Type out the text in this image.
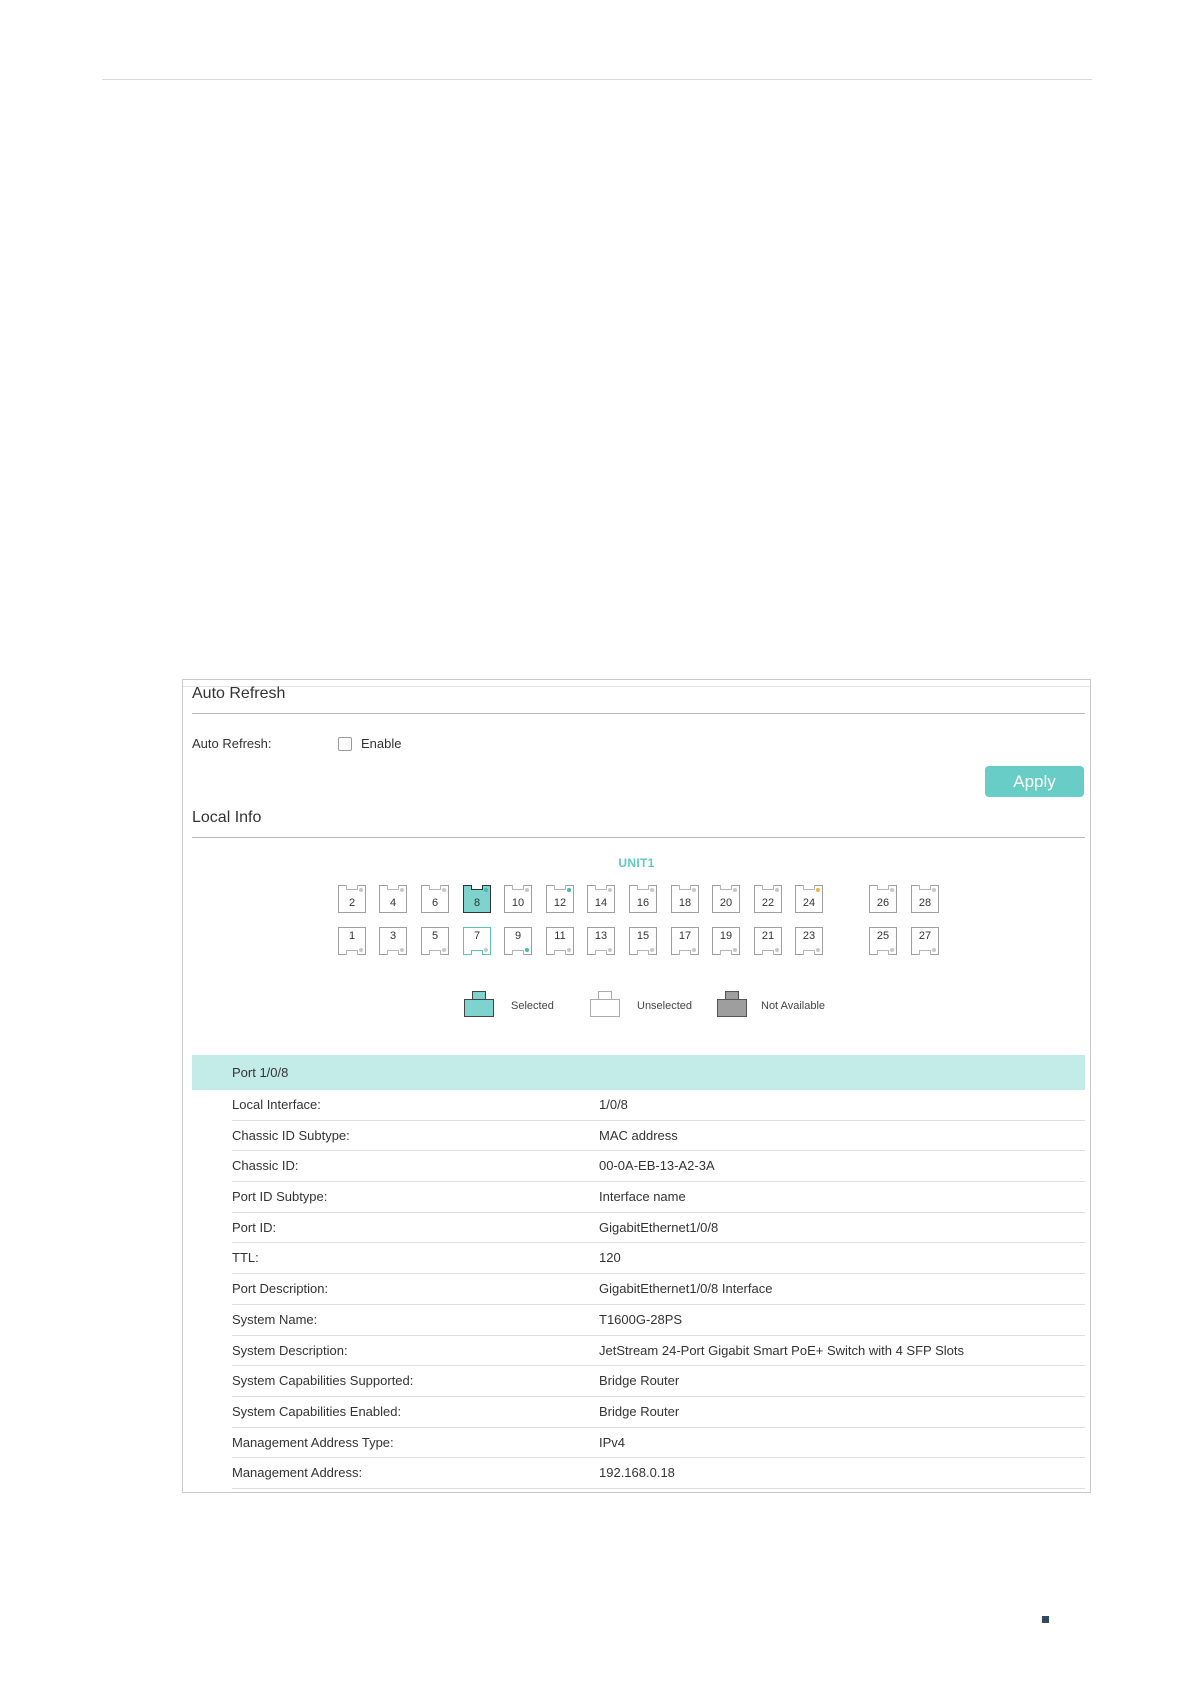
Auto Refresh
Auto Refresh:	Enable
Apply
Local Info
UNIT1
2	4	6	8	10	12	14	16	18	20	22	24	26	28
1	3	5	7	9	11	13	15	17	19	21	23	25	27
Selected	Unselected	Not Available
Port 1/0/8
Local Interface:	1/0/8
Chassic ID Subtype:	MAC address
Chassic ID:	00-0A-EB-13-A2-3A
Port ID Subtype:	Interface name
Port ID:	GigabitEthernet1/0/8
TTL:	120
Port Description:	GigabitEthernet1/0/8 Interface
System Name:	T1600G-28PS
System Description:	JetStream 24-Port Gigabit Smart PoE+ Switch with 4 SFP Slots
System Capabilities Supported:	Bridge Router
System Capabilities Enabled:	Bridge Router
Management Address Type:	IPv4
Management Address:	192.168.0.18
